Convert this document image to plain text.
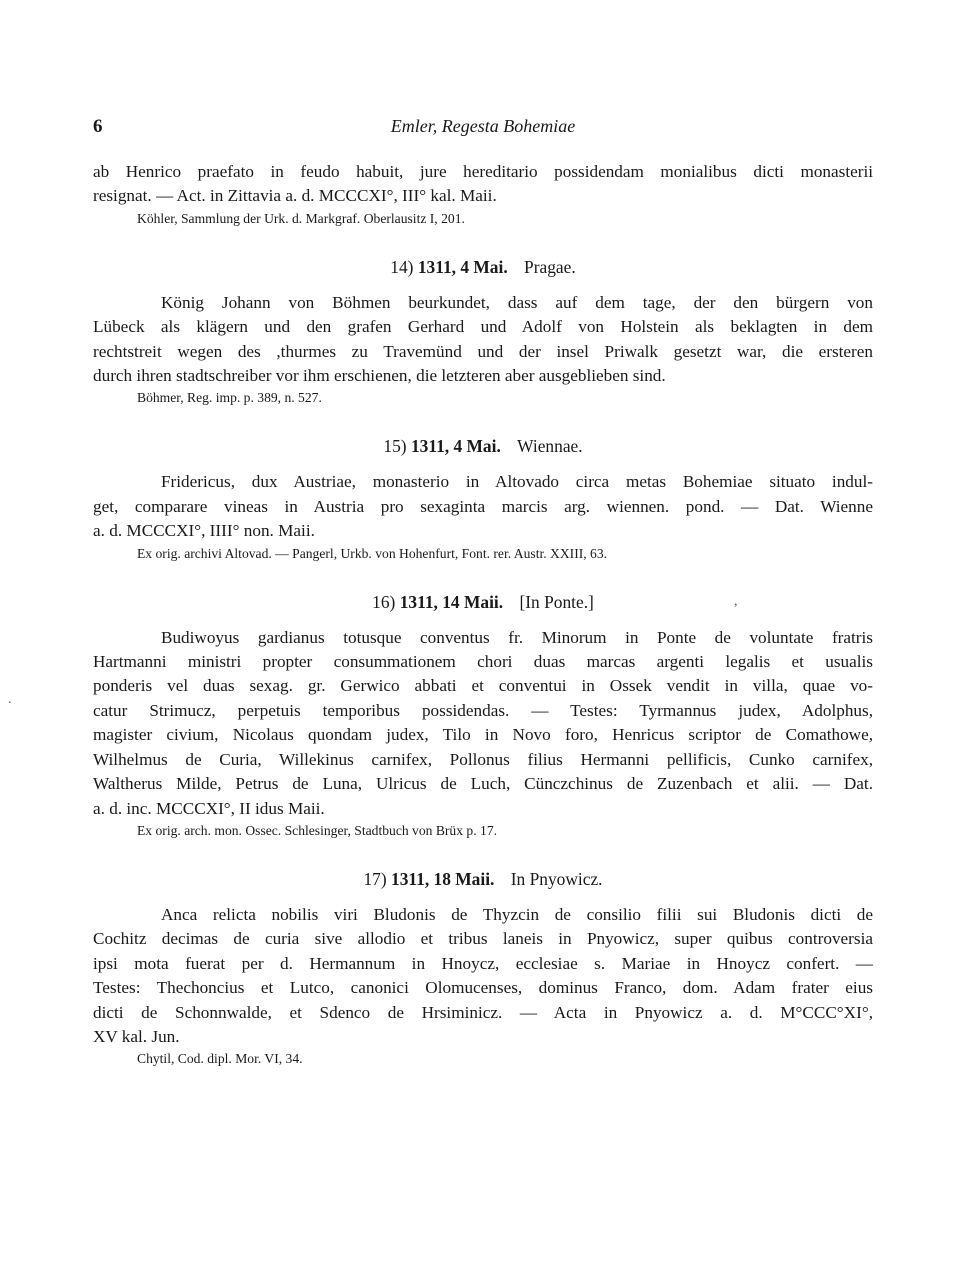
6	Emler, Regesta Bohemiae
ab Henrico praefato in feudo habuit, jure hereditario possidendam monialibus dicti monasterii
resignat. — Act. in Zittavia a. d. MCCCXI°, III° kal. Maii.
Köhler, Sammlung der Urk. d. Markgraf. Oberlausitz I, 201.
14) 1311, 4 Mai. Pragae.
König Johann von Böhmen beurkundet, dass auf dem tage, der den bürgern von
Lübeck als klägern und den grafen Gerhard und Adolf von Holstein als beklagten in dem
rechtstreit wegen des ,thurmes zu Travemünd und der insel Priwalk gesetzt war, die ersteren
durch ihren stadtschreiber vor ihm erschienen, die letzteren aber ausgeblieben sind.
Böhmer, Reg. imp. p. 389, n. 527.
15) 1311, 4 Mai. Wiennae.
Fridericus, dux Austriae, monasterio in Altovado circa metas Bohemiae situato indul-
get, comparare vineas in Austria pro sexaginta marcis arg. wiennen. pond. — Dat. Wienne
a. d. MCCCXI°, IIII° non. Maii.
Ex orig. archivi Altovad. — Pangerl, Urkb. von Hohenfurt, Font. rer. Austr. XXIII, 63.
16) 1311, 14 Maii. [In Ponte.]
Budiwoyus gardianus totusque conventus fr. Minorum in Ponte de voluntate fratris
Hartmanni ministri propter consummationem chori duas marcas argenti legalis et usualis
ponderis vel duas sexag. gr. Gerwico abbati et conventui in Ossek vendit in villa, quae vo-
catur Strimucz, perpetuis temporibus possidendas. — Testes: Tyrmannus judex, Adolphus,
magister civium, Nicolaus quondam judex, Tilo in Novo foro, Henricus scriptor de Comathowe,
Wilhelmus de Curia, Willekinus carnifex, Pollonus filius Hermanni pellificis, Cunko carnifex,
Waltherus Milde, Petrus de Luna, Ulricus de Luch, Cünczchinus de Zuzenbach et alii. — Dat.
a. d. inc. MCCCXI°, II idus Maii.
Ex orig. arch. mon. Ossec. Schlesinger, Stadtbuch von Brüx p. 17.
17) 1311, 18 Maii. In Pnyowicz.
Anca relicta nobilis viri Bludonis de Thyzcin de consilio filii sui Bludonis dicti de
Cochitz decimas de curia sive allodio et tribus laneis in Pnyowicz, super quibus controversia
ipsi mota fuerat per d. Hermannum in Hnoycz, ecclesiae s. Mariae in Hnoycz confert. —
Testes: Thechoncius et Lutco, canonici Olomucenses, dominus Franco, dom. Adam frater eius
dicti de Schonnwalde, et Sdenco de Hrsiminicz. — Acta in Pnyowicz a. d. M°CCC°XI°,
XV kal. Jun.
Chytil, Cod. dipl. Mor. VI, 34.
,
.
